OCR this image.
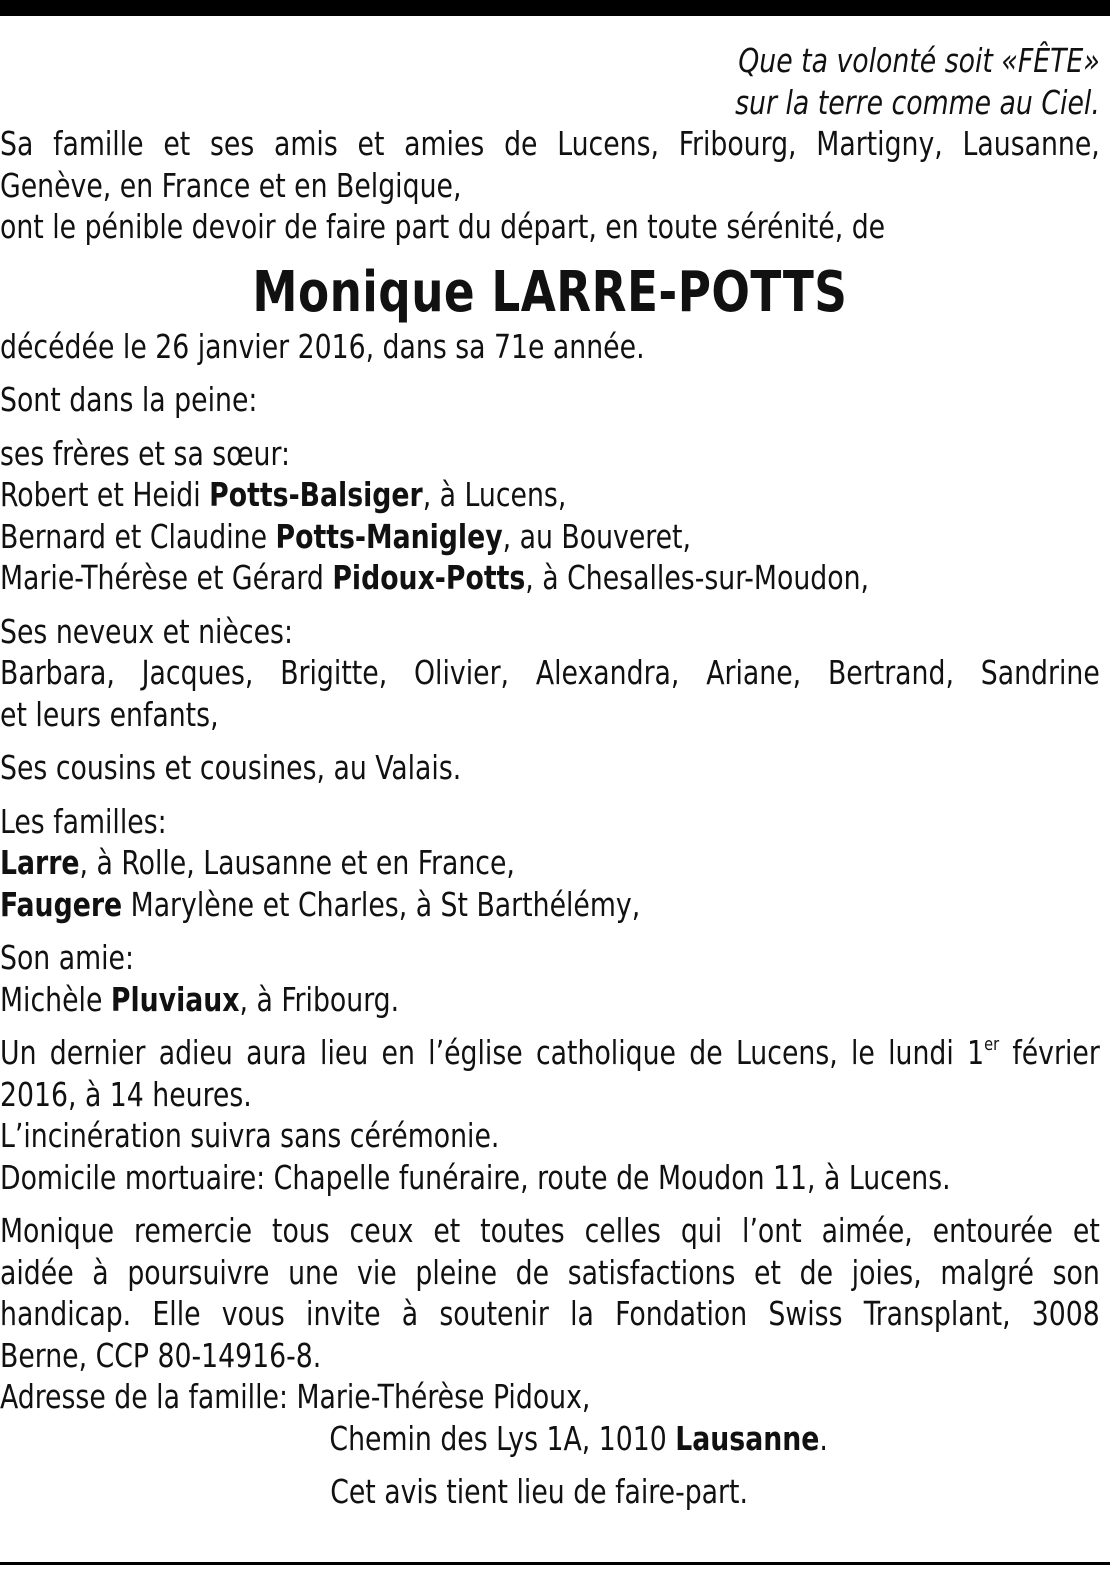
Que ta volonté soit «FÊTE»
sur la terre comme au Ciel.
Sa famille et ses amis et amies de Lucens, Fribourg, Martigny, Lausanne,
Genève, en France et en Belgique,
ont le pénible devoir de faire part du départ, en toute sérénité, de
Monique LARRE-POTTS
décédée le 26 janvier 2016, dans sa 71e année.
Sont dans la peine:
ses frères et sa sœur:
Robert et Heidi Potts-Balsiger, à Lucens,
Bernard et Claudine Potts-Manigley, au Bouveret,
Marie-Thérèse et Gérard Pidoux-Potts, à Chesalles-sur-Moudon,
Ses neveux et nièces:
Barbara, Jacques, Brigitte, Olivier, Alexandra, Ariane, Bertrand, Sandrine
et leurs enfants,
Ses cousins et cousines, au Valais.
Les familles:
Larre, à Rolle, Lausanne et en France,
Faugere Marylène et Charles, à St Barthélémy,
Son amie:
Michèle Pluviaux, à Fribourg.
Un dernier adieu aura lieu en l’église catholique de Lucens, le lundi 1er février
2016, à 14 heures.
L’incinération suivra sans cérémonie.
Domicile mortuaire: Chapelle funéraire, route de Moudon 11, à Lucens.
Monique remercie tous ceux et toutes celles qui l’ont aimée, entourée et
aidée à poursuivre une vie pleine de satisfactions et de joies, malgré son
handicap. Elle vous invite à soutenir la Fondation Swiss Transplant, 3008
Berne, CCP 80-14916-8.
Adresse de la famille: Marie-Thérèse Pidoux,
Chemin des Lys 1A, 1010 Lausanne.
Cet avis tient lieu de faire-part.
